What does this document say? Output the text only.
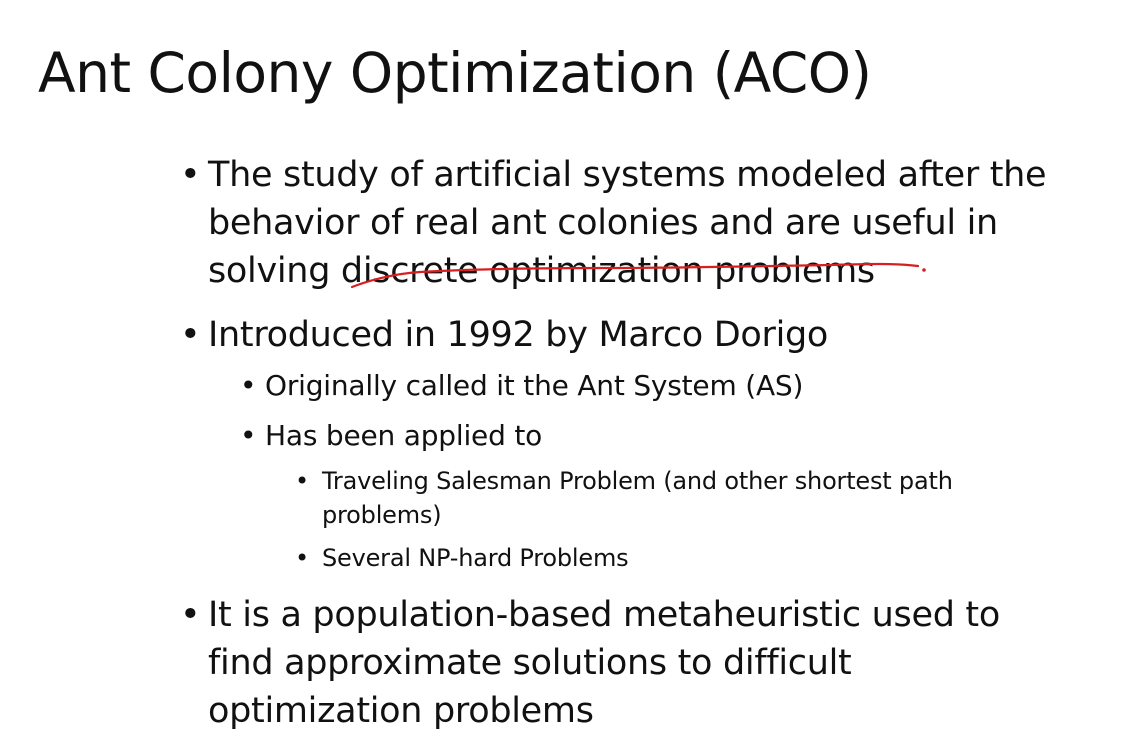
Ant Colony Optimization (ACO)
• The study of artificial systems modeled after the
behavior of real ant colonies and are useful in
solving discrete optimization problems
• Introduced in 1992 by Marco Dorigo
• Originally called it the Ant System (AS)
• Has been applied to
• Traveling Salesman Problem (and other shortest path
problems)
• Several NP-hard Problems
• It is a population-based metaheuristic used to
find approximate solutions to difficult
optimization problems
